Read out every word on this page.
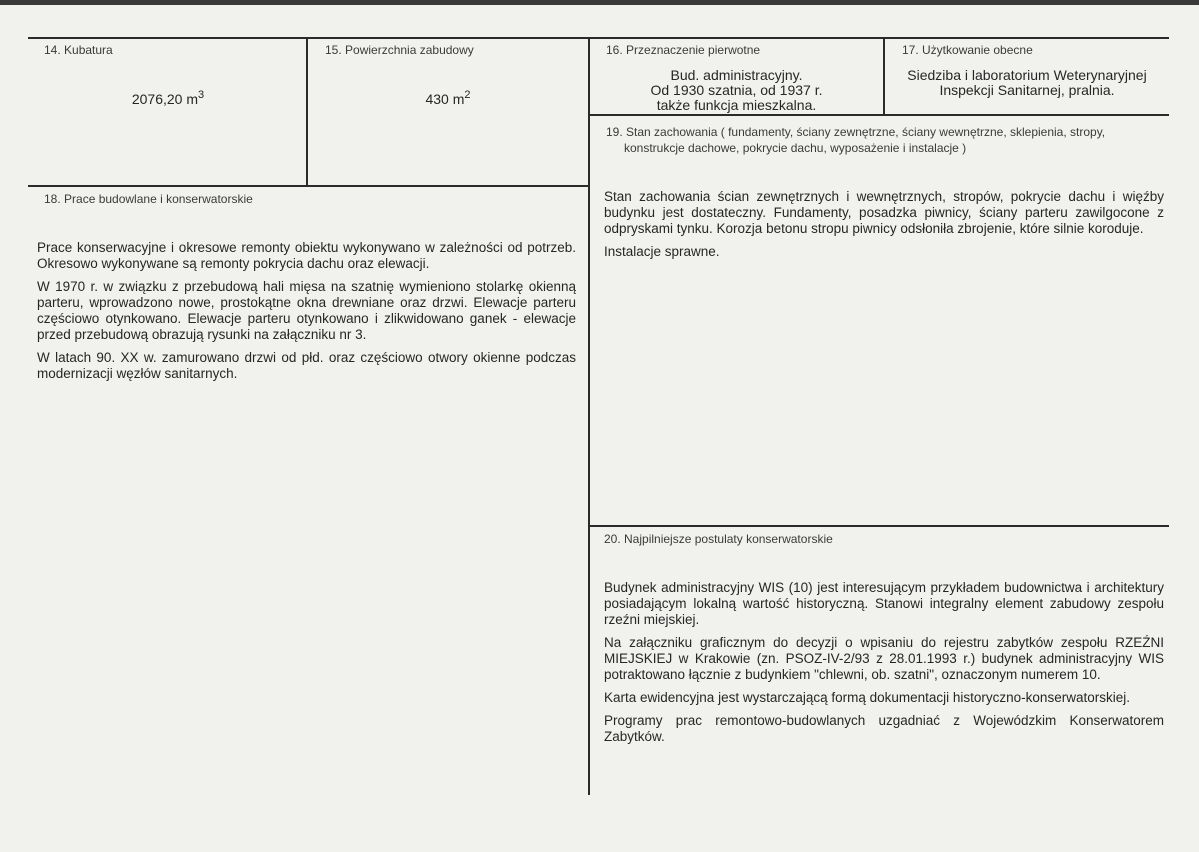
14. Kubatura
2076,20 $m^3$
15. Powierzchnia zabudowy
430 $m^2$
16. Przeznaczenie pierwotne
Bud. administracyjny.
Od 1930 szatnia, od 1937 r.
także funkcja mieszkalna.
17. Użytkowanie obecne
Siedziba i laboratorium Weterynaryjnej
Inspekcji Sanitarnej, pralnia.
19. Stan zachowania ( fundamenty, ściany zewnętrzne, ściany wewnętrzne, sklepienia, stropy,
konstrukcje dachowe, pokrycie dachu, wyposażenie i instalacje )

Stan zachowania ścian zewnętrznych i wewnętrznych, stropów, pokrycie dachu i więźby budynku jest dostateczny. Fundamenty, posadzka piwnicy, ściany parteru zawilgocone z odpryskami tynku. Korozja betonu stropu piwnicy odsłoniła zbrojenie, które silnie koroduje.

Instalacje sprawne.

18. Prace budowlane i konserwatorskie

Prace konserwacyjne i okresowe remonty obiektu wykonywano w zależności od potrzeb. Okresowo wykonywane są remonty pokrycia dachu oraz elewacji.

W 1970 r. w związku z przebudową hali mięsa na szatnię wymieniono stolarkę okienną parteru, wprowadzono nowe, prostokątne okna drewniane oraz drzwi. Elewacje parteru częściowo otynkowano. Elewacje parteru otynkowano i zlikwidowano ganek - elewacje przed przebudową obrazują rysunki na załączniku nr 3.

W latach 90. XX w. zamurowano drzwi od płd. oraz częściowo otwory okienne podczas modernizacji węzłów sanitarnych.

20. Najpilniejsze postulaty konserwatorskie

Budynek administracyjny WIS (10) jest interesującym przykładem budownictwa i architektury posiadającym lokalną wartość historyczną. Stanowi integralny element zabudowy zespołu rzeźni miejskiej.

Na załączniku graficznym do decyzji o wpisaniu do rejestru zabytków zespołu RZEŹNI MIEJSKIEJ w Krakowie (zn. PSOZ-IV-2/93 z 28.01.1993 r.) budynek administracyjny WIS potraktowano łącznie z budynkiem "chlewni, ob. szatni", oznaczonym numerem 10.

Karta ewidencyjna jest wystarczającą formą dokumentacji historyczno-konserwatorskiej.

Programy prac remontowo-budowlanych uzgadniać z Wojewódzkim Konserwatorem Zabytków.
